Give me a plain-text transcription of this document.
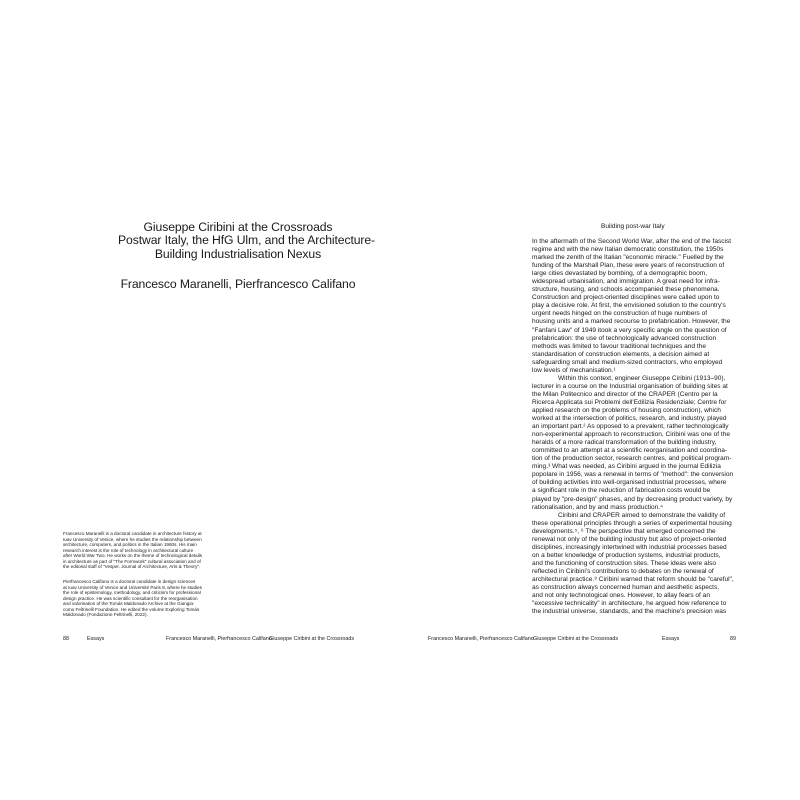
Giuseppe Ciribini at the Crossroads

Postwar Italy, the HfG Ulm, and the Architecture-

Building Industrialisation Nexus

Francesco Maranelli, Pierfrancesco Califano
Francesco Maranelli is a doctoral candidate in architecture history at
Iuav University of Venice, where he studies the relationship between
architecture, computers, and politics in the Italian 1960s. His main
research interest is the role of technology in architectural culture
after World War Two. He works on the theme of technological details
in architecture as part of "The Formwork" cultural association and of
the editorial staff of "Vesper. Journal of Architecture, Arts & Theory".
Pierfrancesco Califano is a doctoral candidate in design sciences
at Iuav University of Venice and Université Paris 8, where he studies
the role of epistemology, methodology, and criticism for professional
design practice. He was scientific consultant for the reorganisation
and valorisation of the Tomás Maldonado Archive at the Giangia-
como Feltrinelli Foundation. He edited the volume Exploring Tomás
Maldonado (Fondazione Feltrinelli, 2022).
88	Essays	Francesco Maranelli, Pierfrancesco Califano
Giuseppe Ciribini at the Crossroads
Building post-war Italy
In the aftermath of the Second World War, after the end of the fascist
regime and with the new Italian democratic constitution, the 1950s
marked the zenith of the Italian "economic miracle." Fuelled by the
funding of the Marshall Plan, these were years of reconstruction of
large cities devastated by bombing, of a demographic boom,
widespread urbanisation, and immigration. A great need for infra-
structure, housing, and schools accompanied these phenomena.
Construction and project-oriented disciplines were called upon to
play a decisive role. At first, the envisioned solution to the country's
urgent needs hinged on the construction of huge numbers of
housing units and a marked recourse to prefabrication. However, the
"Fanfani Law" of 1949 itook a very specific angle on the question of
prefabrication: the use of technologically advanced construction
methods was limited to favour traditional techniques and the
standardisation of construction elements, a decision aimed at
safeguarding small and medium-sized contractors, who employed
low levels of mechanisation.¹
Within this context, engineer Giuseppe Ciribini (1913–90),
lecturer in a course on the Industrial organisation of building sites at
the Milan Politecnico and director of the CRAPER (Centro per la
Ricerca Applicata sui Problemi dell'Edilizia Residenziale; Centre for
applied research on the problems of housing construction), which
worked at the intersection of politics, research, and industry, played
an important part.² As opposed to a prevalent, rather technologically
non-experimental approach to reconstruction, Ciribini was one of the
heralds of a more radical transformation of the building industry,
committed to an attempt at a scientific reorganisation and coordina-
tion of the production sector, research centres, and political program-
ming.³ What was needed, as Ciribini argued in the journal Edilizia
popolare in 1956, was a renewal in terms of "method": the conversion
of building activities into well-organised industrial processes, where
a significant role in the reduction of fabrication costs would be
played by "pre-design" phases, and by decreasing product variety, by
rationalisation, and by and mass production.⁴
Ciribini and CRAPER aimed to demonstrate the validity of
these operational principles through a series of experimental housing
developments.⁵, ⁶ The perspective that emerged concerned the
renewal not only of the building industry but also of project-oriented
disciplines, increasingly intertwined with industrial processes based
on a better knowledge of production systems, industrial products,
and the functioning of construction sites. These ideas were also
reflected in Ciribini's contributions to debates on the renewal of
architectural practice.⁸ Ciribini warned that reform should be "careful",
as construction always concerned human and aesthetic aspects,
and not only technological ones. However, to allay fears of an
"excessive technicality" in architecture, he argued how reference to
the industrial universe, standards, and the machine's precision was
Francesco Maranelli, Pierfrancesco Califano Giuseppe Ciribini at the Crossroads	Essays	89
